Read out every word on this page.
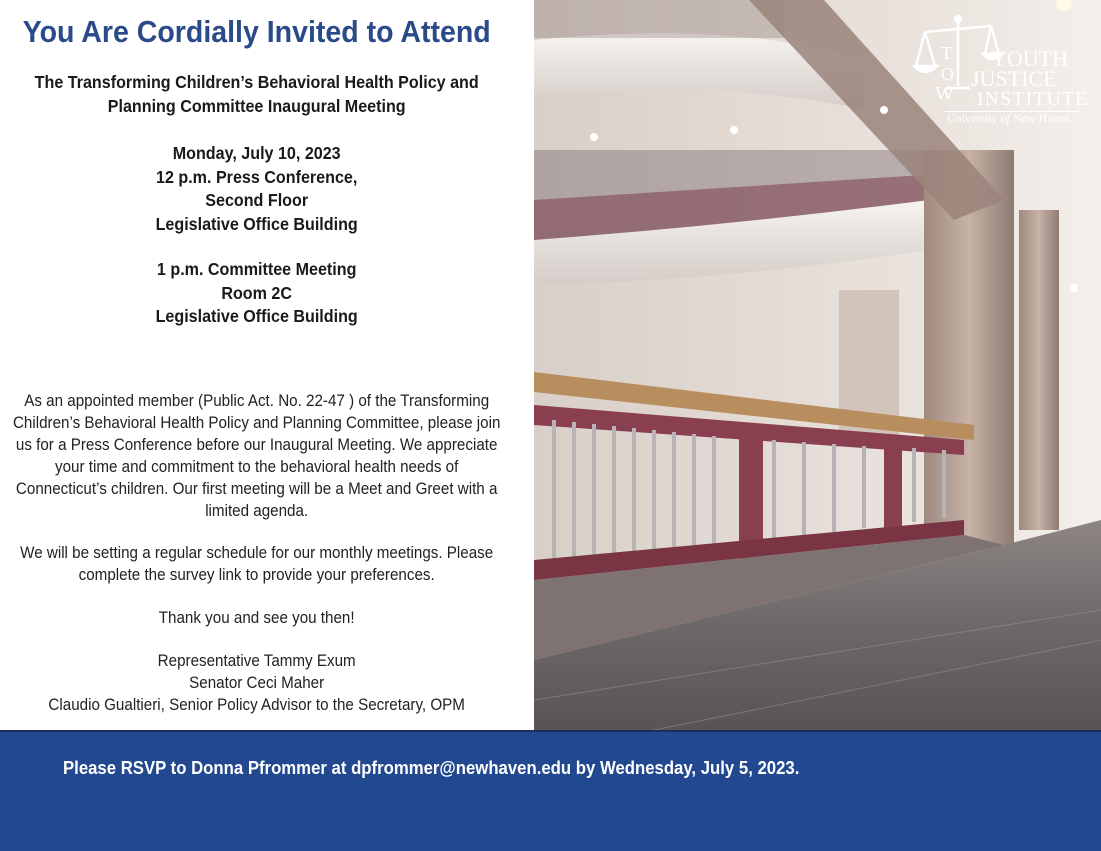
You Are Cordially Invited to Attend
The Transforming Children’s Behavioral Health Policy and
Planning Committee Inaugural Meeting
Monday, July 10, 2023
12 p.m. Press Conference,
Second Floor
Legislative Office Building
1 p.m. Committee Meeting
Room 2C
Legislative Office Building
As an appointed member (Public Act. No. 22-47 ) of the Transforming
Children’s Behavioral Health Policy and Planning Committee, please join
us for a Press Conference before our Inaugural Meeting. We appreciate
your time and commitment to the behavioral health needs of
Connecticut’s children. Our first meeting will be a Meet and Greet with a
limited agenda.
We will be setting a regular schedule for our monthly meetings. Please
complete the survey link to provide your preferences.
Thank you and see you then!
Representative Tammy Exum
Senator Ceci Maher
Claudio Gualtieri, Senior Policy Advisor to the Secretary, OPM
T
O
W
YOUTH
JUSTICE
INSTITUTE
University of New Haven
Please RSVP to Donna Pfrommer at dpfrommer@newhaven.edu by Wednesday, July 5, 2023.
